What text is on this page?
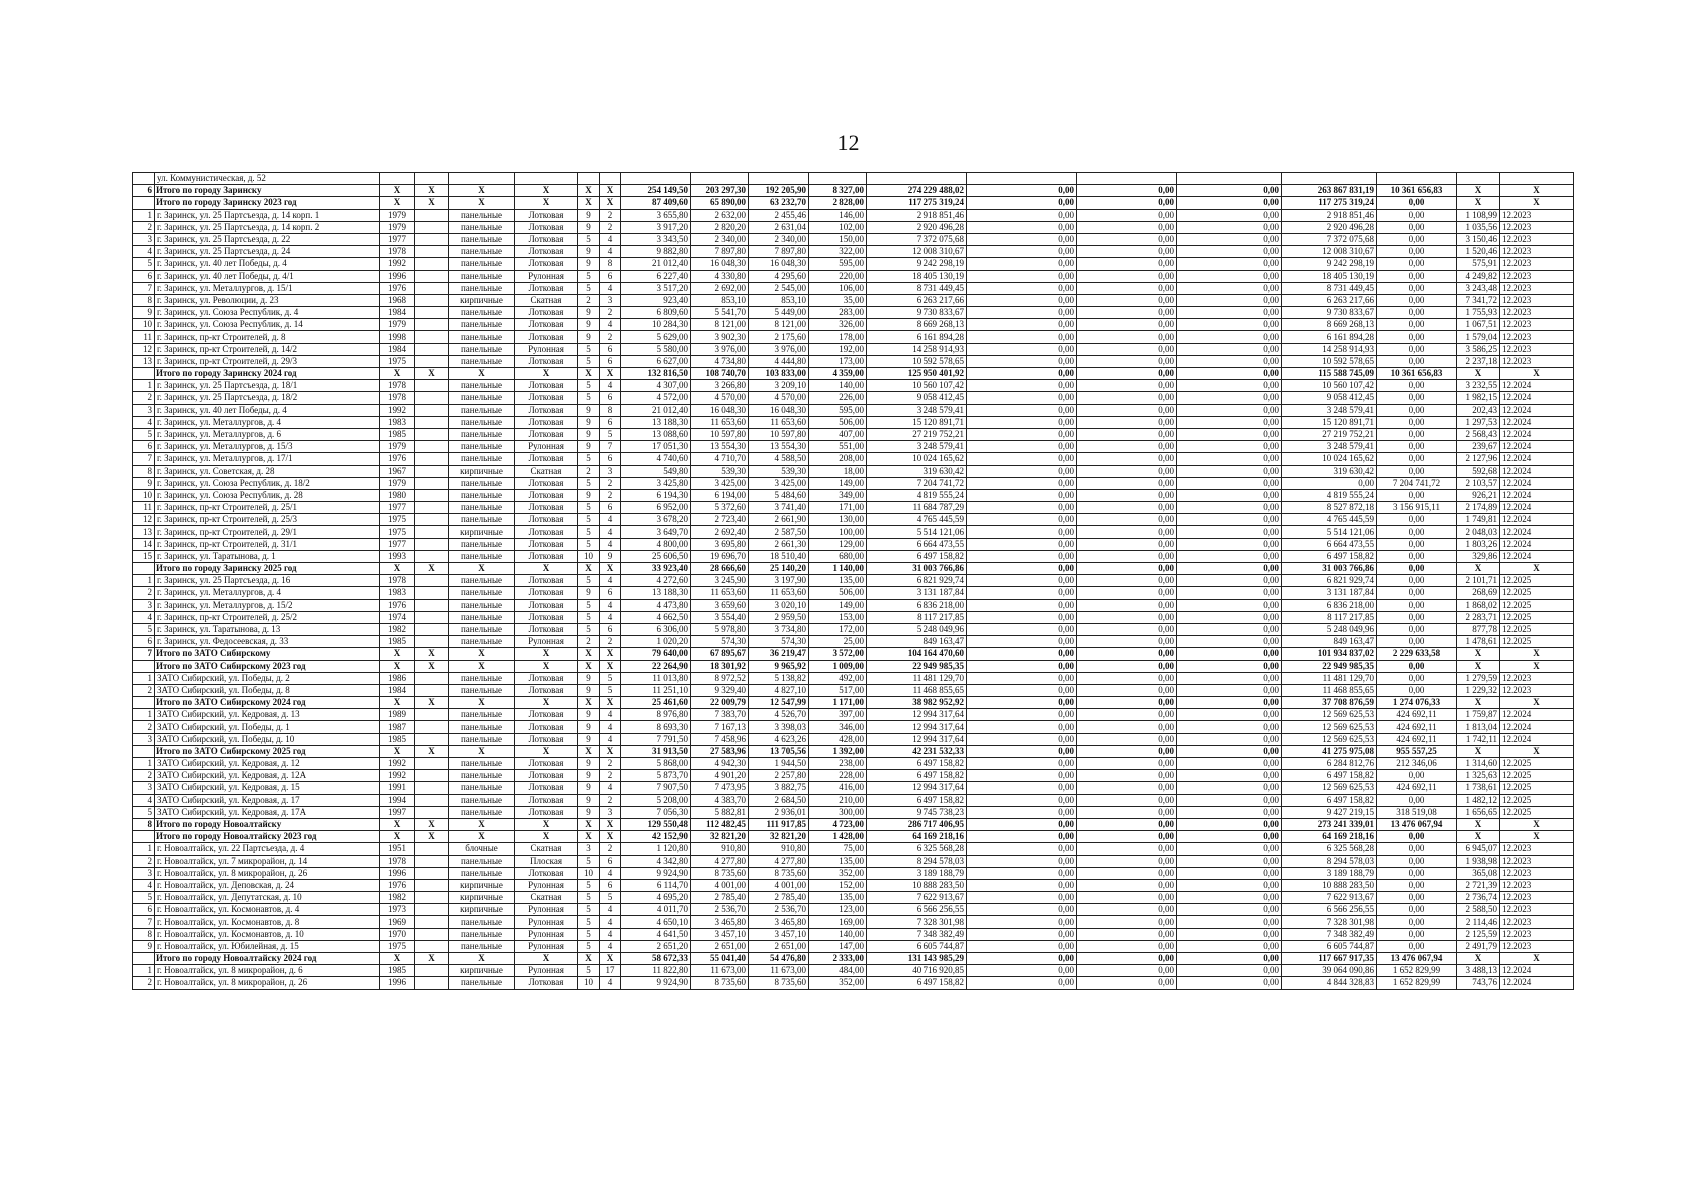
12
	ул. Коммунистическая, д. 52																		
6	Итого по городу Заринску	X	X	X	X	X	X	254 149,50	203 297,30	192 205,90	8 327,00	274 229 488,02	0,00	0,00	0,00	263 867 831,19	10 361 656,83	X	X
	Итого по городу Заринску 2023 год	X	X	X	X	X	X	87 409,60	65 890,00	63 232,70	2 828,00	117 275 319,24	0,00	0,00	0,00	117 275 319,24	0,00	X	X
1	г. Заринск, ул. 25 Партсъезда, д. 14 корп. 1	1979		панельные	Лотковая	9	2	3 655,80	2 632,00	2 455,46	146,00	2 918 851,46	0,00	0,00	0,00	2 918 851,46	0,00	1 108,99	12.2023
2	г. Заринск, ул. 25 Партсъезда, д. 14 корп. 2	1979		панельные	Лотковая	9	2	3 917,20	2 820,20	2 631,04	102,00	2 920 496,28	0,00	0,00	0,00	2 920 496,28	0,00	1 035,56	12.2023
3	г. Заринск, ул. 25 Партсъезда, д. 22	1977		панельные	Лотковая	5	4	3 343,50	2 340,00	2 340,00	150,00	7 372 075,68	0,00	0,00	0,00	7 372 075,68	0,00	3 150,46	12.2023
4	г. Заринск, ул. 25 Партсъезда, д. 24	1978		панельные	Лотковая	9	4	9 882,80	7 897,80	7 897,80	322,00	12 008 310,67	0,00	0,00	0,00	12 008 310,67	0,00	1 520,46	12.2023
5	г. Заринск, ул. 40 лет Победы, д. 4	1992		панельные	Лотковая	9	8	21 012,40	16 048,30	16 048,30	595,00	9 242 298,19	0,00	0,00	0,00	9 242 298,19	0,00	575,91	12.2023
6	г. Заринск, ул. 40 лет Победы, д. 4/1	1996		панельные	Рулонная	5	6	6 227,40	4 330,80	4 295,60	220,00	18 405 130,19	0,00	0,00	0,00	18 405 130,19	0,00	4 249,82	12.2023
7	г. Заринск, ул. Металлургов, д. 15/1	1976		панельные	Лотковая	5	4	3 517,20	2 692,00	2 545,00	106,00	8 731 449,45	0,00	0,00	0,00	8 731 449,45	0,00	3 243,48	12.2023
8	г. Заринск, ул. Революции, д. 23	1968		кирпичные	Скатная	2	3	923,40	853,10	853,10	35,00	6 263 217,66	0,00	0,00	0,00	6 263 217,66	0,00	7 341,72	12.2023
9	г. Заринск, ул. Союза Республик, д. 4	1984		панельные	Лотковая	9	2	6 809,60	5 541,70	5 449,00	283,00	9 730 833,67	0,00	0,00	0,00	9 730 833,67	0,00	1 755,93	12.2023
10	г. Заринск, ул. Союза Республик, д. 14	1979		панельные	Лотковая	9	4	10 284,30	8 121,00	8 121,00	326,00	8 669 268,13	0,00	0,00	0,00	8 669 268,13	0,00	1 067,51	12.2023
11	г. Заринск, пр-кт Строителей, д. 8	1998		панельные	Лотковая	9	2	5 629,00	3 902,30	2 175,60	178,00	6 161 894,28	0,00	0,00	0,00	6 161 894,28	0,00	1 579,04	12.2023
12	г. Заринск, пр-кт Строителей, д. 14/2	1984		панельные	Рулонная	5	6	5 580,00	3 976,00	3 976,00	192,00	14 258 914,93	0,00	0,00	0,00	14 258 914,93	0,00	3 586,25	12.2023
13	г. Заринск, пр-кт Строителей, д. 29/3	1975		панельные	Лотковая	5	6	6 627,00	4 734,80	4 444,80	173,00	10 592 578,65	0,00	0,00	0,00	10 592 578,65	0,00	2 237,18	12.2023
	Итого по городу Заринску 2024 год	X	X	X	X	X	X	132 816,50	108 740,70	103 833,00	4 359,00	125 950 401,92	0,00	0,00	0,00	115 588 745,09	10 361 656,83	X	X
1	г. Заринск, ул. 25 Партсъезда, д. 18/1	1978		панельные	Лотковая	5	4	4 307,00	3 266,80	3 209,10	140,00	10 560 107,42	0,00	0,00	0,00	10 560 107,42	0,00	3 232,55	12.2024
2	г. Заринск, ул. 25 Партсъезда, д. 18/2	1978		панельные	Лотковая	5	6	4 572,00	4 570,00	4 570,00	226,00	9 058 412,45	0,00	0,00	0,00	9 058 412,45	0,00	1 982,15	12.2024
3	г. Заринск, ул. 40 лет Победы, д. 4	1992		панельные	Лотковая	9	8	21 012,40	16 048,30	16 048,30	595,00	3 248 579,41	0,00	0,00	0,00	3 248 579,41	0,00	202,43	12.2024
4	г. Заринск, ул. Металлургов, д. 4	1983		панельные	Лотковая	9	6	13 188,30	11 653,60	11 653,60	506,00	15 120 891,71	0,00	0,00	0,00	15 120 891,71	0,00	1 297,53	12.2024
5	г. Заринск, ул. Металлургов, д. 6	1985		панельные	Лотковая	9	5	13 088,60	10 597,80	10 597,80	407,00	27 219 752,21	0,00	0,00	0,00	27 219 752,21	0,00	2 568,43	12.2024
6	г. Заринск, ул. Металлургов, д. 15/3	1979		панельные	Рулонная	9	7	17 051,30	13 554,30	13 554,30	551,00	3 248 579,41	0,00	0,00	0,00	3 248 579,41	0,00	239,67	12.2024
7	г. Заринск, ул. Металлургов, д. 17/1	1976		панельные	Лотковая	5	6	4 740,60	4 710,70	4 588,50	208,00	10 024 165,62	0,00	0,00	0,00	10 024 165,62	0,00	2 127,96	12.2024
8	г. Заринск, ул. Советская, д. 28	1967		кирпичные	Скатная	2	3	549,80	539,30	539,30	18,00	319 630,42	0,00	0,00	0,00	319 630,42	0,00	592,68	12.2024
9	г. Заринск, ул. Союза Республик, д. 18/2	1979		панельные	Лотковая	5	2	3 425,80	3 425,00	3 425,00	149,00	7 204 741,72	0,00	0,00	0,00	0,00	7 204 741,72	2 103,57	12.2024
10	г. Заринск, ул. Союза Республик, д. 28	1980		панельные	Лотковая	9	2	6 194,30	6 194,00	5 484,60	349,00	4 819 555,24	0,00	0,00	0,00	4 819 555,24	0,00	926,21	12.2024
11	г. Заринск, пр-кт Строителей, д. 25/1	1977		панельные	Лотковая	5	6	6 952,00	5 372,60	3 741,40	171,00	11 684 787,29	0,00	0,00	0,00	8 527 872,18	3 156 915,11	2 174,89	12.2024
12	г. Заринск, пр-кт Строителей, д. 25/3	1975		панельные	Лотковая	5	4	3 678,20	2 723,40	2 661,90	130,00	4 765 445,59	0,00	0,00	0,00	4 765 445,59	0,00	1 749,81	12.2024
13	г. Заринск, пр-кт Строителей, д. 29/1	1975		кирпичные	Лотковая	5	4	3 649,70	2 692,40	2 587,50	100,00	5 514 121,06	0,00	0,00	0,00	5 514 121,06	0,00	2 048,03	12.2024
14	г. Заринск, пр-кт Строителей, д. 31/1	1977		панельные	Лотковая	5	4	4 800,00	3 695,80	2 661,30	129,00	6 664 473,55	0,00	0,00	0,00	6 664 473,55	0,00	1 803,26	12.2024
15	г. Заринск, ул. Таратынова, д. 1	1993		панельные	Лотковая	10	9	25 606,50	19 696,70	18 510,40	680,00	6 497 158,82	0,00	0,00	0,00	6 497 158,82	0,00	329,86	12.2024
	Итого по городу Заринску 2025 год	X	X	X	X	X	X	33 923,40	28 666,60	25 140,20	1 140,00	31 003 766,86	0,00	0,00	0,00	31 003 766,86	0,00	X	X
1	г. Заринск, ул. 25 Партсъезда, д. 16	1978		панельные	Лотковая	5	4	4 272,60	3 245,90	3 197,90	135,00	6 821 929,74	0,00	0,00	0,00	6 821 929,74	0,00	2 101,71	12.2025
2	г. Заринск, ул. Металлургов, д. 4	1983		панельные	Лотковая	9	6	13 188,30	11 653,60	11 653,60	506,00	3 131 187,84	0,00	0,00	0,00	3 131 187,84	0,00	268,69	12.2025
3	г. Заринск, ул. Металлургов, д. 15/2	1976		панельные	Лотковая	5	4	4 473,80	3 659,60	3 020,10	149,00	6 836 218,00	0,00	0,00	0,00	6 836 218,00	0,00	1 868,02	12.2025
4	г. Заринск, пр-кт Строителей, д. 25/2	1974		панельные	Лотковая	5	4	4 662,50	3 554,40	2 959,50	153,00	8 117 217,85	0,00	0,00	0,00	8 117 217,85	0,00	2 283,71	12.2025
5	г. Заринск, ул. Таратынова, д. 13	1982		панельные	Лотковая	5	6	6 306,00	5 978,80	3 734,80	172,00	5 248 049,96	0,00	0,00	0,00	5 248 049,96	0,00	877,78	12.2025
6	г. Заринск, ул. Федосеевская, д. 33	1985		панельные	Рулонная	2	2	1 020,20	574,30	574,30	25,00	849 163,47	0,00	0,00	0,00	849 163,47	0,00	1 478,61	12.2025
7	Итого по ЗАТО Сибирскому	X	X	X	X	X	X	79 640,00	67 895,67	36 219,47	3 572,00	104 164 470,60	0,00	0,00	0,00	101 934 837,02	2 229 633,58	X	X
	Итого по ЗАТО Сибирскому 2023 год	X	X	X	X	X	X	22 264,90	18 301,92	9 965,92	1 009,00	22 949 985,35	0,00	0,00	0,00	22 949 985,35	0,00	X	X
1	ЗАТО Сибирский, ул. Победы, д. 2	1986		панельные	Лотковая	9	5	11 013,80	8 972,52	5 138,82	492,00	11 481 129,70	0,00	0,00	0,00	11 481 129,70	0,00	1 279,59	12.2023
2	ЗАТО Сибирский, ул. Победы, д. 8	1984		панельные	Лотковая	9	5	11 251,10	9 329,40	4 827,10	517,00	11 468 855,65	0,00	0,00	0,00	11 468 855,65	0,00	1 229,32	12.2023
	Итого по ЗАТО Сибирскому 2024 год	X	X	X	X	X	X	25 461,60	22 009,79	12 547,99	1 171,00	38 982 952,92	0,00	0,00	0,00	37 708 876,59	1 274 076,33	X	X
1	ЗАТО Сибирский, ул. Кедровая, д. 13	1989		панельные	Лотковая	9	4	8 976,80	7 383,70	4 526,70	397,00	12 994 317,64	0,00	0,00	0,00	12 569 625,53	424 692,11	1 759,87	12.2024
2	ЗАТО Сибирский, ул. Победы, д. 1	1987		панельные	Лотковая	9	4	8 693,30	7 167,13	3 398,03	346,00	12 994 317,64	0,00	0,00	0,00	12 569 625,53	424 692,11	1 813,04	12.2024
3	ЗАТО Сибирский, ул. Победы, д. 10	1985		панельные	Лотковая	9	4	7 791,50	7 458,96	4 623,26	428,00	12 994 317,64	0,00	0,00	0,00	12 569 625,53	424 692,11	1 742,11	12.2024
	Итого по ЗАТО Сибирскому 2025 год	X	X	X	X	X	X	31 913,50	27 583,96	13 705,56	1 392,00	42 231 532,33	0,00	0,00	0,00	41 275 975,08	955 557,25	X	X
1	ЗАТО Сибирский, ул. Кедровая, д. 12	1992		панельные	Лотковая	9	2	5 868,00	4 942,30	1 944,50	238,00	6 497 158,82	0,00	0,00	0,00	6 284 812,76	212 346,06	1 314,60	12.2025
2	ЗАТО Сибирский, ул. Кедровая, д. 12А	1992		панельные	Лотковая	9	2	5 873,70	4 901,20	2 257,80	228,00	6 497 158,82	0,00	0,00	0,00	6 497 158,82	0,00	1 325,63	12.2025
3	ЗАТО Сибирский, ул. Кедровая, д. 15	1991		панельные	Лотковая	9	4	7 907,50	7 473,95	3 882,75	416,00	12 994 317,64	0,00	0,00	0,00	12 569 625,53	424 692,11	1 738,61	12.2025
4	ЗАТО Сибирский, ул. Кедровая, д. 17	1994		панельные	Лотковая	9	2	5 208,00	4 383,70	2 684,50	210,00	6 497 158,82	0,00	0,00	0,00	6 497 158,82	0,00	1 482,12	12.2025
5	ЗАТО Сибирский, ул. Кедровая, д. 17А	1997		панельные	Лотковая	9	3	7 056,30	5 882,81	2 936,01	300,00	9 745 738,23	0,00	0,00	0,00	9 427 219,15	318 519,08	1 656,65	12.2025
8	Итого по городу Новоалтайску	X	X	X	X	X	X	129 550,48	112 482,45	111 917,85	4 723,00	286 717 406,95	0,00	0,00	0,00	273 241 339,01	13 476 067,94	X	X
	Итого по городу Новоалтайску 2023 год	X	X	X	X	X	X	42 152,90	32 821,20	32 821,20	1 428,00	64 169 218,16	0,00	0,00	0,00	64 169 218,16	0,00	X	X
1	г. Новоалтайск, ул. 22 Партсъезда, д. 4	1951		блочные	Скатная	3	2	1 120,80	910,80	910,80	75,00	6 325 568,28	0,00	0,00	0,00	6 325 568,28	0,00	6 945,07	12.2023
2	г. Новоалтайск, ул. 7 микрорайон, д. 14	1978		панельные	Плоская	5	6	4 342,80	4 277,80	4 277,80	135,00	8 294 578,03	0,00	0,00	0,00	8 294 578,03	0,00	1 938,98	12.2023
3	г. Новоалтайск, ул. 8 микрорайон, д. 26	1996		панельные	Лотковая	10	4	9 924,90	8 735,60	8 735,60	352,00	3 189 188,79	0,00	0,00	0,00	3 189 188,79	0,00	365,08	12.2023
4	г. Новоалтайск, ул. Деповская, д. 24	1976		кирпичные	Рулонная	5	6	6 114,70	4 001,00	4 001,00	152,00	10 888 283,50	0,00	0,00	0,00	10 888 283,50	0,00	2 721,39	12.2023
5	г. Новоалтайск, ул. Депутатская, д. 10	1982		кирпичные	Скатная	5	5	4 695,20	2 785,40	2 785,40	135,00	7 622 913,67	0,00	0,00	0,00	7 622 913,67	0,00	2 736,74	12.2023
6	г. Новоалтайск, ул. Космонавтов, д. 4	1973		кирпичные	Рулонная	5	4	4 011,70	2 536,70	2 536,70	123,00	6 566 256,55	0,00	0,00	0,00	6 566 256,55	0,00	2 588,50	12.2023
7	г. Новоалтайск, ул. Космонавтов, д. 8	1969		панельные	Рулонная	5	4	4 650,10	3 465,80	3 465,80	169,00	7 328 301,98	0,00	0,00	0,00	7 328 301,98	0,00	2 114,46	12.2023
8	г. Новоалтайск, ул. Космонавтов, д. 10	1970		панельные	Рулонная	5	4	4 641,50	3 457,10	3 457,10	140,00	7 348 382,49	0,00	0,00	0,00	7 348 382,49	0,00	2 125,59	12.2023
9	г. Новоалтайск, ул. Юбилейная, д. 15	1975		панельные	Рулонная	5	4	2 651,20	2 651,00	2 651,00	147,00	6 605 744,87	0,00	0,00	0,00	6 605 744,87	0,00	2 491,79	12.2023
	Итого по городу Новоалтайску 2024 год	X	X	X	X	X	X	58 672,33	55 041,40	54 476,80	2 333,00	131 143 985,29	0,00	0,00	0,00	117 667 917,35	13 476 067,94	X	X
1	г. Новоалтайск, ул. 8 микрорайон, д. 6	1985		кирпичные	Рулонная	5	17	11 822,80	11 673,00	11 673,00	484,00	40 716 920,85	0,00	0,00	0,00	39 064 090,86	1 652 829,99	3 488,13	12.2024
2	г. Новоалтайск, ул. 8 микрорайон, д. 26	1996		панельные	Лотковая	10	4	9 924,90	8 735,60	8 735,60	352,00	6 497 158,82	0,00	0,00	0,00	4 844 328,83	1 652 829,99	743,76	12.2024
